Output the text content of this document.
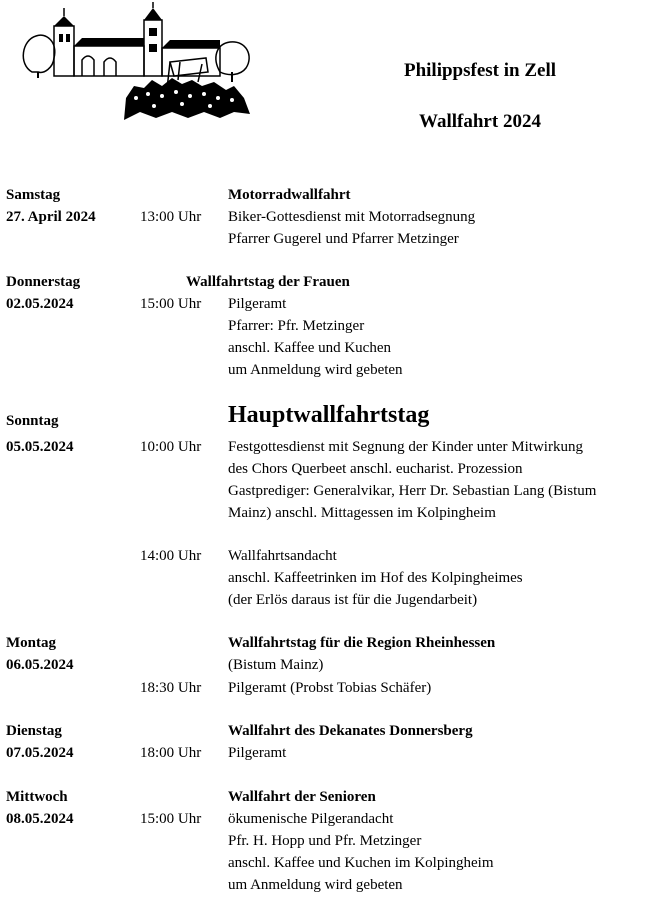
Philippsfest in Zell
Wallfahrt 2024
Samstag	Motorradwallfahrt
27. April 2024	13:00 Uhr Biker-Gottesdienst mit Motorradsegnung
Pfarrer Gugerel und Pfarrer Metzinger
Donnerstag	Wallfahrtstag der Frauen
02.05.2024	15:00 Uhr Pilgeramt
Pfarrer: Pfr. Metzinger
anschl. Kaffee und Kuchen
um Anmeldung wird gebeten
Sonntag	Hauptwallfahrtstag
05.05.2024	10:00 Uhr Festgottesdienst mit Segnung der Kinder unter Mitwirkung
des Chors Querbeet anschl. eucharist. Prozession
Gastprediger: Generalvikar, Herr Dr. Sebastian Lang (Bistum
Mainz) anschl. Mittagessen im Kolpingheim
14:00 Uhr Wallfahrtsandacht
anschl. Kaffeetrinken im Hof des Kolpingheimes
(der Erlös daraus ist für die Jugendarbeit)
Montag	Wallfahrtstag für die Region Rheinhessen
06.05.2024	(Bistum Mainz)
18:30 Uhr Pilgeramt (Probst Tobias Schäfer)
Dienstag	Wallfahrt des Dekanates Donnersberg
07.05.2024	18:00 Uhr Pilgeramt
Mittwoch	Wallfahrt der Senioren
08.05.2024	15:00 Uhr ökumenische Pilgerandacht
Pfr. H. Hopp und Pfr. Metzinger
anschl. Kaffee und Kuchen im Kolpingheim
um Anmeldung wird gebeten
